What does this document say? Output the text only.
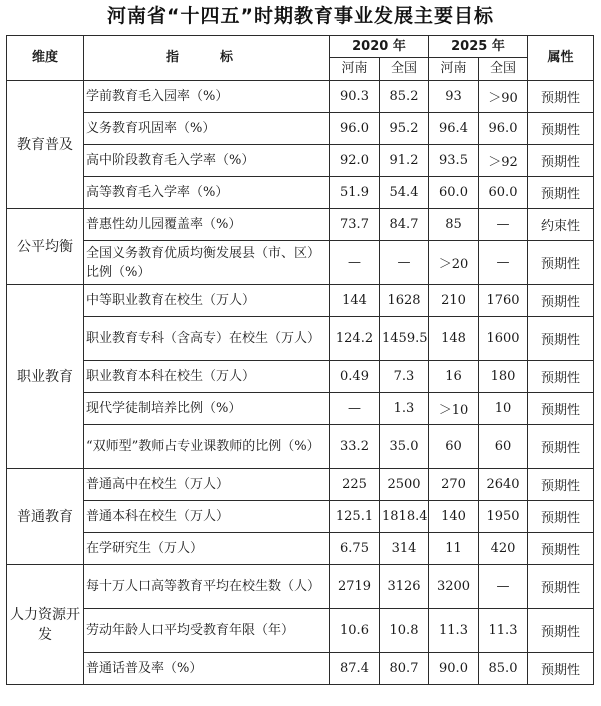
河南省“十四五”时期教育事业发展主要目标
维度	指　标	2020 年		2025 年		属性
		河南	全国	河南	全国	
教育普及	学前教育毛入园率（%）	90.3	85.2	93	＞90	预期性
	义务教育巩固率（%）	96.0	95.2	96.4	96.0	预期性
	高中阶段教育毛入学率（%）	92.0	91.2	93.5	＞92	预期性
	高等教育毛入学率（%）	51.9	54.4	60.0	60.0	预期性
公平均衡	普惠性幼儿园覆盖率（%）	73.7	84.7	85	—	约束性
	全国义务教育优质均衡发展县（市、区）比例（%）	—	—	＞20	—	预期性
职业教育	中等职业教育在校生（万人）	144	1628	210	1760	预期性
	职业教育专科（含高专）在校生（万人）	124.2	1459.5	148	1600	预期性
	职业教育本科在校生（万人）	0.49	7.3	16	180	预期性
	现代学徒制培养比例（%）	—	1.3	＞10	10	预期性
	“双师型”教师占专业课教师的比例（%）	33.2	35.0	60	60	预期性
普通教育	普通高中在校生（万人）	225	2500	270	2640	预期性
	普通本科在校生（万人）	125.1	1818.4	140	1950	预期性
	在学研究生（万人）	6.75	314	11	420	预期性
人力资源开发	每十万人口高等教育平均在校生数（人）	2719	3126	3200	—	预期性
	劳动年龄人口平均受教育年限（年）	10.6	10.8	11.3	11.3	预期性
	普通话普及率（%）	87.4	80.7	90.0	85.0	预期性
